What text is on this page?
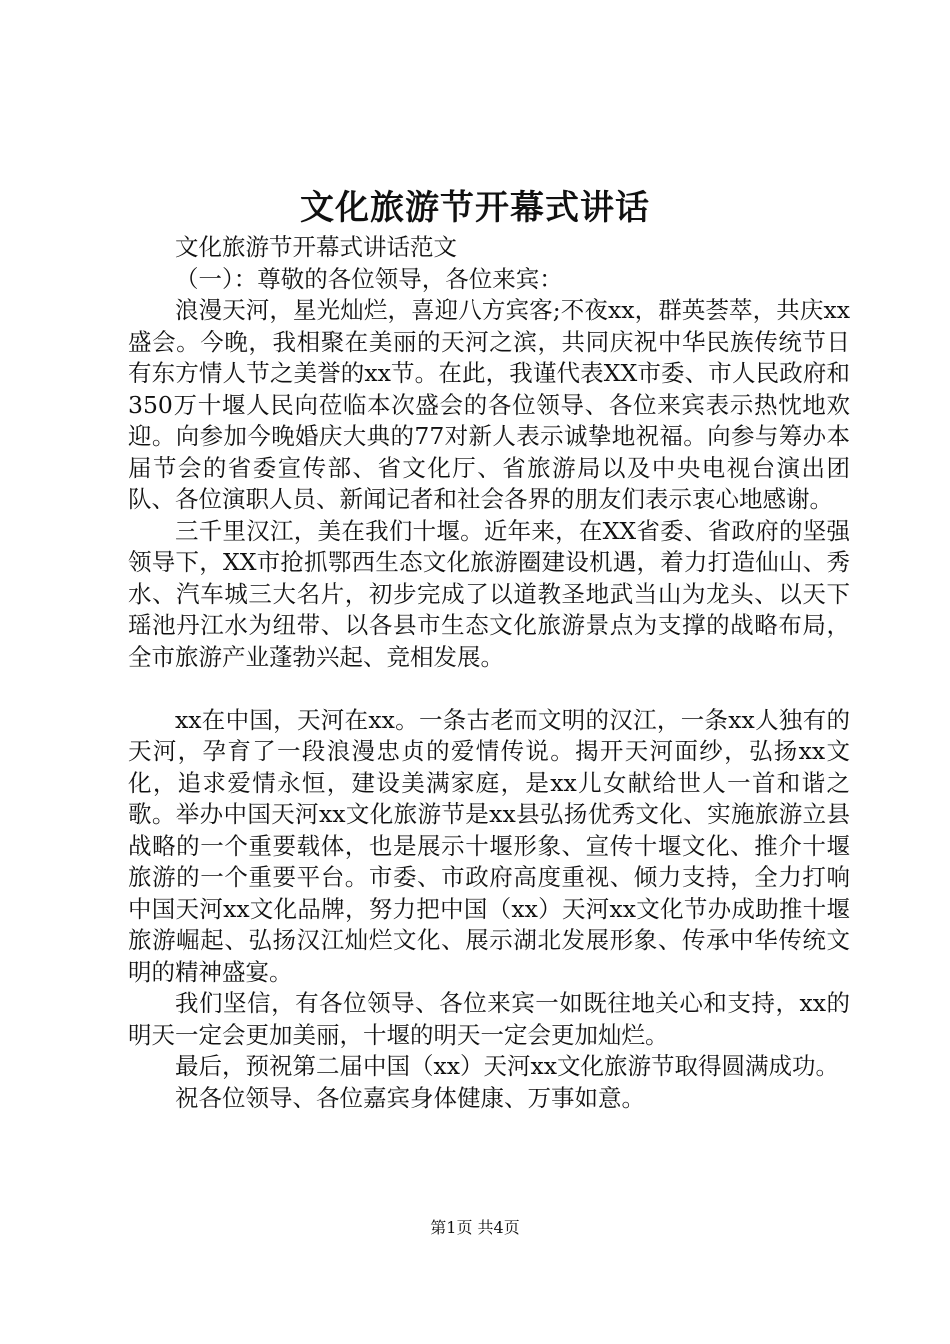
文化旅游节开幕式讲话

文化旅游节开幕式讲话范文

（一）：尊敬的各位领导，各位来宾：

浪漫天河，星光灿烂，喜迎八方宾客;不夜xx，群英荟萃，共庆xx盛会。今晚，我相聚在美丽的天河之滨，共同庆祝中华民族传统节日有东方情人节之美誉的xx节。在此，我谨代表XX市委、市人民政府和350万十堰人民向莅临本次盛会的各位领导、各位来宾表示热忱地欢迎。向参加今晚婚庆大典的77对新人表示诚挚地祝福。向参与筹办本届节会的省委宣传部、省文化厅、省旅游局以及中央电视台演出团队、各位演职人员、新闻记者和社会各界的朋友们表示衷心地感谢。

三千里汉江，美在我们十堰。近年来，在XX省委、省政府的坚强领导下，XX市抢抓鄂西生态文化旅游圈建设机遇，着力打造仙山、秀水、汽车城三大名片，初步完成了以道教圣地武当山为龙头、以天下瑶池丹江水为纽带、以各县市生态文化旅游景点为支撑的战略布局，全市旅游产业蓬勃兴起、竞相发展。

xx在中国，天河在xx。一条古老而文明的汉江，一条xx人独有的天河，孕育了一段浪漫忠贞的爱情传说。揭开天河面纱，弘扬xx文化，追求爱情永恒，建设美满家庭，是xx儿女献给世人一首和谐之歌。举办中国天河xx文化旅游节是xx县弘扬优秀文化、实施旅游立县战略的一个重要载体，也是展示十堰形象、宣传十堰文化、推介十堰旅游的一个重要平台。市委、市政府高度重视、倾力支持，全力打响中国天河xx文化品牌，努力把中国（xx）天河xx文化节办成助推十堰旅游崛起、弘扬汉江灿烂文化、展示湖北发展形象、传承中华传统文明的精神盛宴。

我们坚信，有各位领导、各位来宾一如既往地关心和支持，xx的明天一定会更加美丽，十堰的明天一定会更加灿烂。

最后，预祝第二届中国（xx）天河xx文化旅游节取得圆满成功。

祝各位领导、各位嘉宾身体健康、万事如意。

第1页 共4页
